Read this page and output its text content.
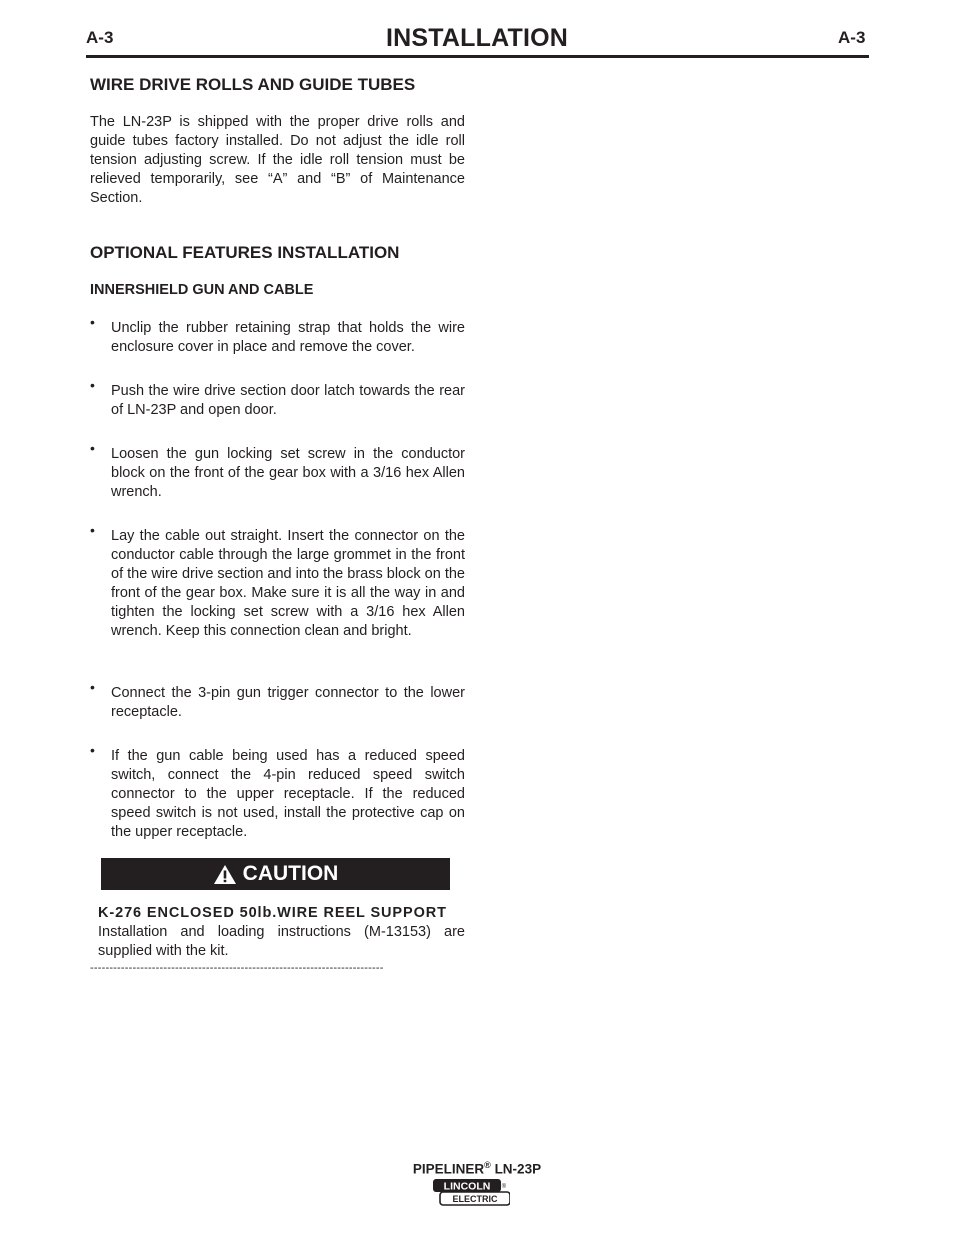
A-3	INSTALLATION	A-3
WIRE DRIVE ROLLS AND GUIDE TUBES

The LN-23P is shipped with the proper drive rolls and guide tubes factory installed. Do not adjust the idle roll tension adjusting screw. If the idle roll tension must be relieved temporarily, see “A” and “B” of Maintenance Section.

OPTIONAL FEATURES INSTALLATION
INNERSHIELD GUN AND CABLE
• Unclip the rubber retaining strap that holds the wire enclosure cover in place and remove the cover.
• Push the wire drive section door latch towards the rear of LN-23P and open door.
• Loosen the gun locking set screw in the conductor block on the front of the gear box with a 3/16 hex Allen wrench.
• Lay the cable out straight. Insert the connector on the conductor cable through the large grommet in the front of the wire drive section and into the brass block on the front of the gear box. Make sure it is all the way in and tighten the locking set screw with a 3/16 hex Allen wrench. Keep this connection clean and bright.
• Connect the 3-pin gun trigger connector to the lower receptacle.
• If the gun cable being used has a reduced speed switch, connect the 4-pin reduced speed switch connector to the upper receptacle. If the reduced speed switch is not used, install the protective cap on the upper receptacle.
CAUTION
K-276 ENCLOSED 50lb.WIRE REEL SUPPORT
Installation and loading instructions (M-13153) are supplied with the kit.
----------------------------------------------------------------------------
PIPELINER® LN-23P
LINCOLN
ELECTRIC
®
